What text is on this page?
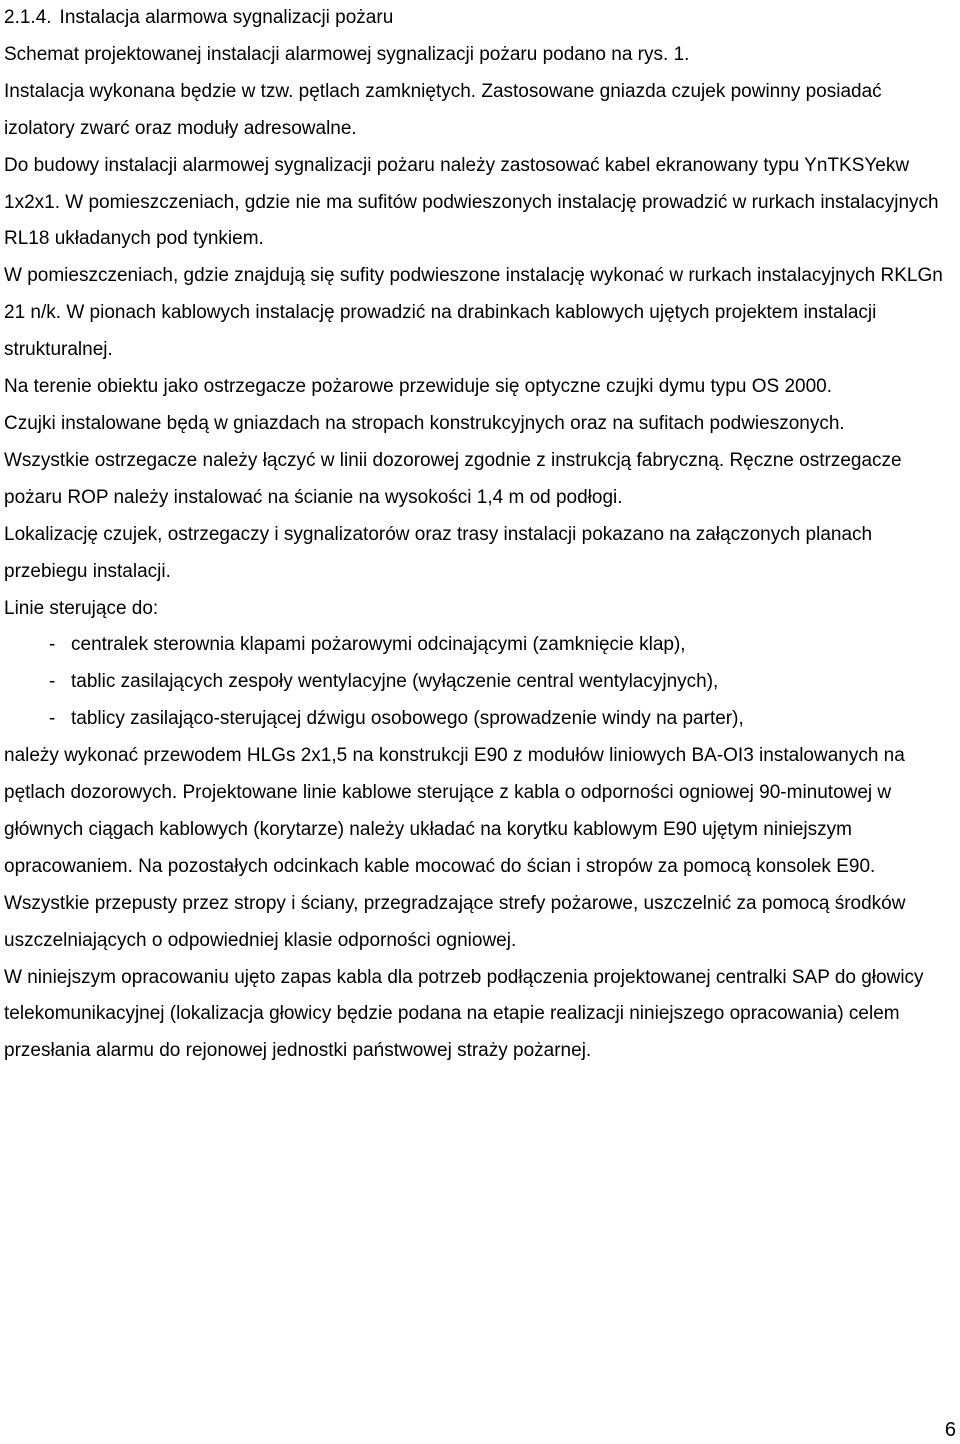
2.1.4. Instalacja alarmowa sygnalizacji pożaru

Schemat projektowanej instalacji alarmowej sygnalizacji pożaru podano na rys. 1.

Instalacja wykonana będzie w tzw. pętlach zamkniętych. Zastosowane gniazda czujek powinny posiadać izolatory zwarć oraz moduły adresowalne.

Do budowy instalacji alarmowej sygnalizacji pożaru należy zastosować kabel ekranowany typu YnTKSYekw 1x2x1. W pomieszczeniach, gdzie nie ma sufitów podwieszonych instalację prowadzić w rurkach instalacyjnych RL18 układanych pod tynkiem.

W pomieszczeniach, gdzie znajdują się sufity podwieszone instalację wykonać w rurkach instalacyjnych RKLGn 21 n/k. W pionach kablowych instalację prowadzić na drabinkach kablowych ujętych projektem instalacji strukturalnej.

Na terenie obiektu jako ostrzegacze pożarowe przewiduje się optyczne czujki dymu typu OS 2000.

Czujki instalowane będą w gniazdach na stropach konstrukcyjnych oraz na sufitach podwieszonych.

Wszystkie ostrzegacze należy łączyć w linii dozorowej zgodnie z instrukcją fabryczną. Ręczne ostrzegacze pożaru ROP należy instalować na ścianie na wysokości 1,4 m od podłogi.

Lokalizację czujek, ostrzegaczy i sygnalizatorów oraz trasy instalacji pokazano na załączonych planach przebiegu instalacji.

Linie sterujące do:

- centralek sterownia klapami pożarowymi odcinającymi (zamknięcie klap),
- tablic zasilających zespoły wentylacyjne (wyłączenie central wentylacyjnych),
- tablicy zasilająco-sterującej dźwigu osobowego (sprowadzenie windy na parter),

należy wykonać przewodem HLGs 2x1,5 na konstrukcji E90 z modułów liniowych BA-OI3 instalowanych na pętlach dozorowych. Projektowane linie kablowe sterujące z kabla o odporności ogniowej 90-minutowej w głównych ciągach kablowych (korytarze) należy układać na korytku kablowym E90 ujętym niniejszym opracowaniem. Na pozostałych odcinkach kable mocować do ścian i stropów za pomocą konsolek E90.

Wszystkie przepusty przez stropy i ściany, przegradzające strefy pożarowe, uszczelnić za pomocą środków uszczelniających o odpowiedniej klasie odporności ogniowej.

W niniejszym opracowaniu ujęto zapas kabla dla potrzeb podłączenia projektowanej centralki SAP do głowicy telekomunikacyjnej (lokalizacja głowicy będzie podana na etapie realizacji niniejszego opracowania) celem przesłania alarmu do rejonowej jednostki państwowej straży pożarnej.

6
